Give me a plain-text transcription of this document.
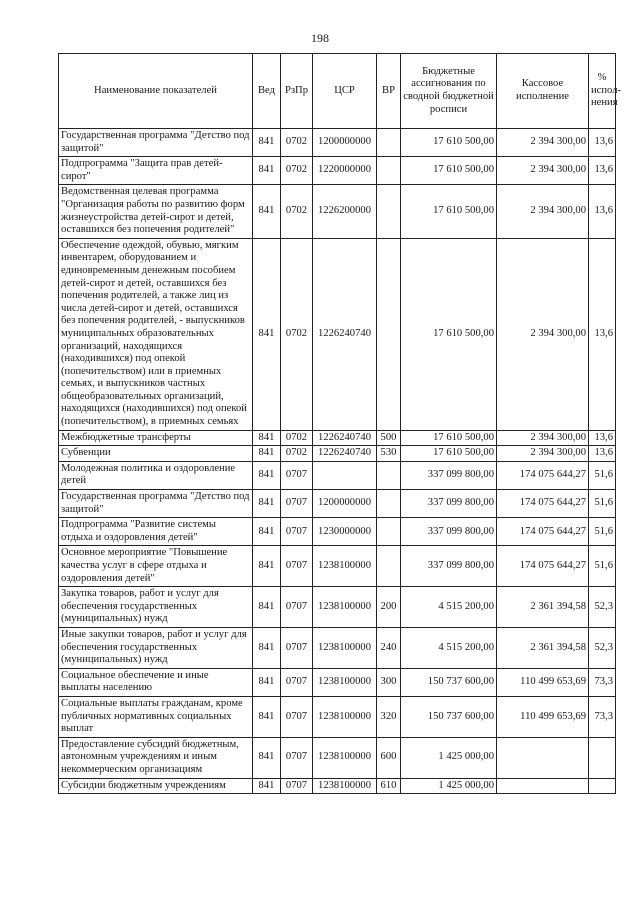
198
Наименование показателей	Вед	РзПр	ЦСР	ВР	Бюджетные ассигнования по сводной бюджетной росписи	Кассовое исполнение	% испол-нения
Государственная программа "Детство под защитой"	841	0702	1200000000		17 610 500,00	2 394 300,00	13,6
Подпрограмма "Защита прав детей-сирот"	841	0702	1220000000		17 610 500,00	2 394 300,00	13,6
Ведомственная целевая программа "Организация работы по развитию форм жизнеустройства детей-сирот и детей, оставшихся без попечения родителей"	841	0702	1226200000		17 610 500,00	2 394 300,00	13,6
Обеспечение одеждой, обувью, мягким инвентарем, оборудованием и единовременным денежным пособием детей-сирот и детей, оставшихся без попечения родителей, а также лиц из числа детей-сирот и детей, оставшихся без попечения родителей, - выпускников муниципальных образовательных организаций, находящихся (находившихся) под опекой (попечительством) или в приемных семьях, и выпускников частных общеобразовательных организаций, находящихся (находившихся) под опекой (попечительством), в приемных семьях	841	0702	1226240740		17 610 500,00	2 394 300,00	13,6
Межбюджетные трансферты	841	0702	1226240740	500	17 610 500,00	2 394 300,00	13,6
Субвенции	841	0702	1226240740	530	17 610 500,00	2 394 300,00	13,6
Молодежная политика и оздоровление детей	841	0707			337 099 800,00	174 075 644,27	51,6
Государственная программа "Детство под защитой"	841	0707	1200000000		337 099 800,00	174 075 644,27	51,6
Подпрограмма "Развитие системы отдыха и оздоровления детей"	841	0707	1230000000		337 099 800,00	174 075 644,27	51,6
Основное мероприятие "Повышение качества услуг в сфере отдыха и оздоровления детей"	841	0707	1238100000		337 099 800,00	174 075 644,27	51,6
Закупка товаров, работ и услуг для обеспечения государственных (муниципальных) нужд	841	0707	1238100000	200	4 515 200,00	2 361 394,58	52,3
Иные закупки товаров, работ и услуг для обеспечения государственных (муниципальных) нужд	841	0707	1238100000	240	4 515 200,00	2 361 394,58	52,3
Социальное обеспечение и иные выплаты населению	841	0707	1238100000	300	150 737 600,00	110 499 653,69	73,3
Социальные выплаты гражданам, кроме публичных нормативных социальных выплат	841	0707	1238100000	320	150 737 600,00	110 499 653,69	73,3
Предоставление субсидий бюджетным, автономным учреждениям и иным некоммерческим организациям	841	0707	1238100000	600	1 425 000,00		
Субсидии бюджетным учреждениям	841	0707	1238100000	610	1 425 000,00		
